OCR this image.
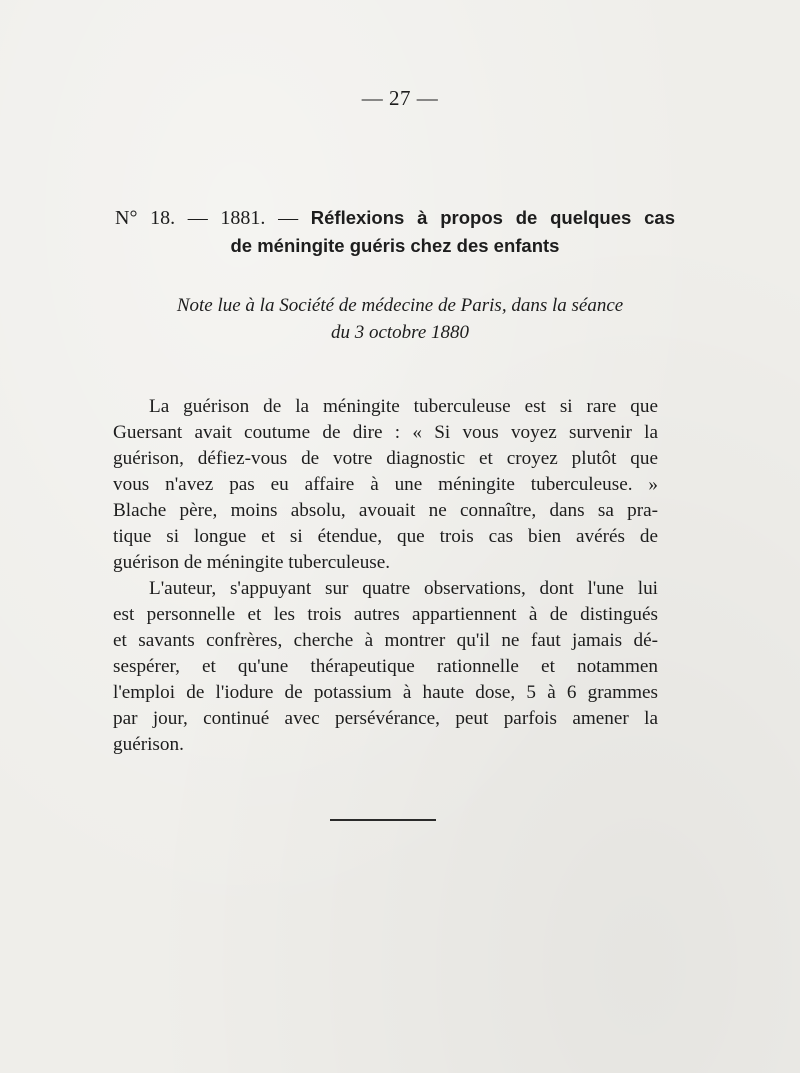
— 27 —
N° 18. — 1881. — Réflexions à propos de quelques cas
de méningite guéris chez des enfants
Note lue à la Société de médecine de Paris, dans la séance
du 3 octobre 1880
La guérison de la méningite tuberculeuse est si rare que
Guersant avait coutume de dire : « Si vous voyez survenir la
guérison, défiez-vous de votre diagnostic et croyez plutôt que
vous n'avez pas eu affaire à une méningite tuberculeuse. »
Blache père, moins absolu, avouait ne connaître, dans sa pra-
tique si longue et si étendue, que trois cas bien avérés de
guérison de méningite tuberculeuse.
L'auteur, s'appuyant sur quatre observations, dont l'une lui
est personnelle et les trois autres appartiennent à de distingués
et savants confrères, cherche à montrer qu'il ne faut jamais dé-
sespérer, et qu'une thérapeutique rationnelle et notammen
l'emploi de l'iodure de potassium à haute dose, 5 à 6 grammes
par jour, continué avec persévérance, peut parfois amener la
guérison.
